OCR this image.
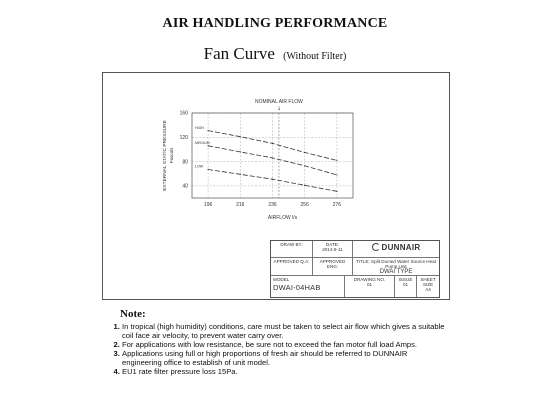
AIR HANDLING PERFORMANCE
Fan Curve (Without Filter)
NOMINAL AIR FLOW
↓
HIGH
MEDIUM
LOW
196	216	236	256	276
40
80
120
160
AIRFLOW l/s
EXTERNAL STATIC PRESSURE Pascals
DRAW BY:	DATE:
2014-9-11	DUNNAIR
APPROVED Q.A:	APPROVED ENG:
TITLE: Split Ducted Water Source Heat Pump Unit
DWAI TYPE
MODEL
DWAI-04HAB
DRAWING NO.
01
ISSUE
01
SHEET SIZE
A4
Note:
1. In tropical (high humidity) conditions, care must be taken to select air flow which gives a suitable coil face air velocity, to prevent water carry over.
2. For applications with low resistance, be sure not to exceed the fan motor full load Amps.
3. Applications using full or high proportions of fresh air should be referred to DUNNAIR engineering office to establish of unit model.
4. EU1 rate filter pressure loss 15Pa.
